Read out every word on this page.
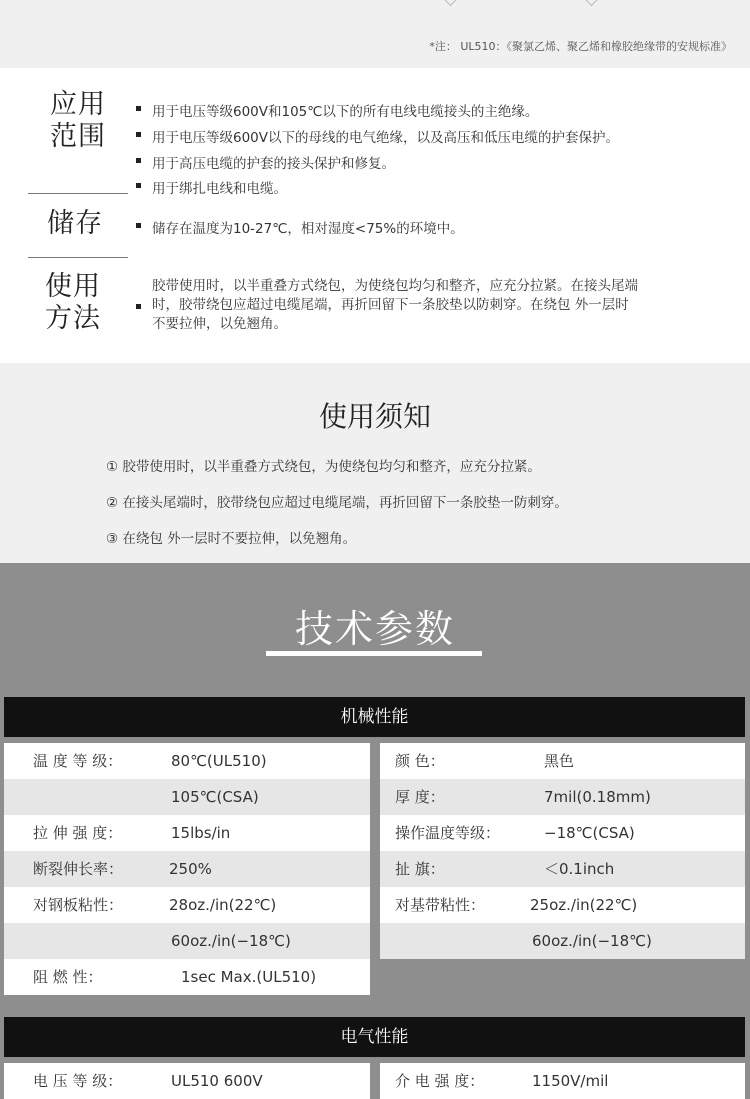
*注： UL510：《聚氯乙烯、聚乙烯和橡胶绝缘带的安规标准》
应用
范围
用于电压等级600V和105℃以下的所有电线电缆接头的主绝缘。
用于电压等级600V以下的母线的电气绝缘，以及高压和低压电缆的护套保护。
用于高压电缆的护套的接头保护和修复。
用于绑扎电线和电缆。
储存	储存在温度为10-27℃，相对湿度<75%的环境中。
使用
方法
胶带使用时，以半重叠方式绕包，为使绕包均匀和整齐，应充分拉紧。在接头尾端
时，胶带绕包应超过电缆尾端，再折回留下一条胶垫以防刺穿。在绕包 外一层时
不要拉伸，以免翘角。
使用须知
① 胶带使用时，以半重叠方式绕包，为使绕包均匀和整齐，应充分拉紧。
② 在接头尾端时，胶带绕包应超过电缆尾端，再折回留下一条胶垫一防刺穿。
③ 在绕包 外一层时不要拉伸，以免翘角。
技术参数
机械性能
温 度 等 级：	80℃(UL510)
105℃(CSA)
拉 伸 强 度：	15lbs/in
断裂伸长率：	250%
对钢板粘性：	28oz./in(22℃)
60oz./in(−18℃)
阻 燃 性：	1sec Max.(UL510)
颜 色：	黑色
厚 度：	7mil(0.18mm)
操作温度等级：	−18℃(CSA)
扯 旗：	＜0.1inch
对基带粘性：	25oz./in(22℃)
60oz./in(−18℃)
电气性能
电 压 等 级：	UL510 600V	介 电 强 度：	1150V/mil
